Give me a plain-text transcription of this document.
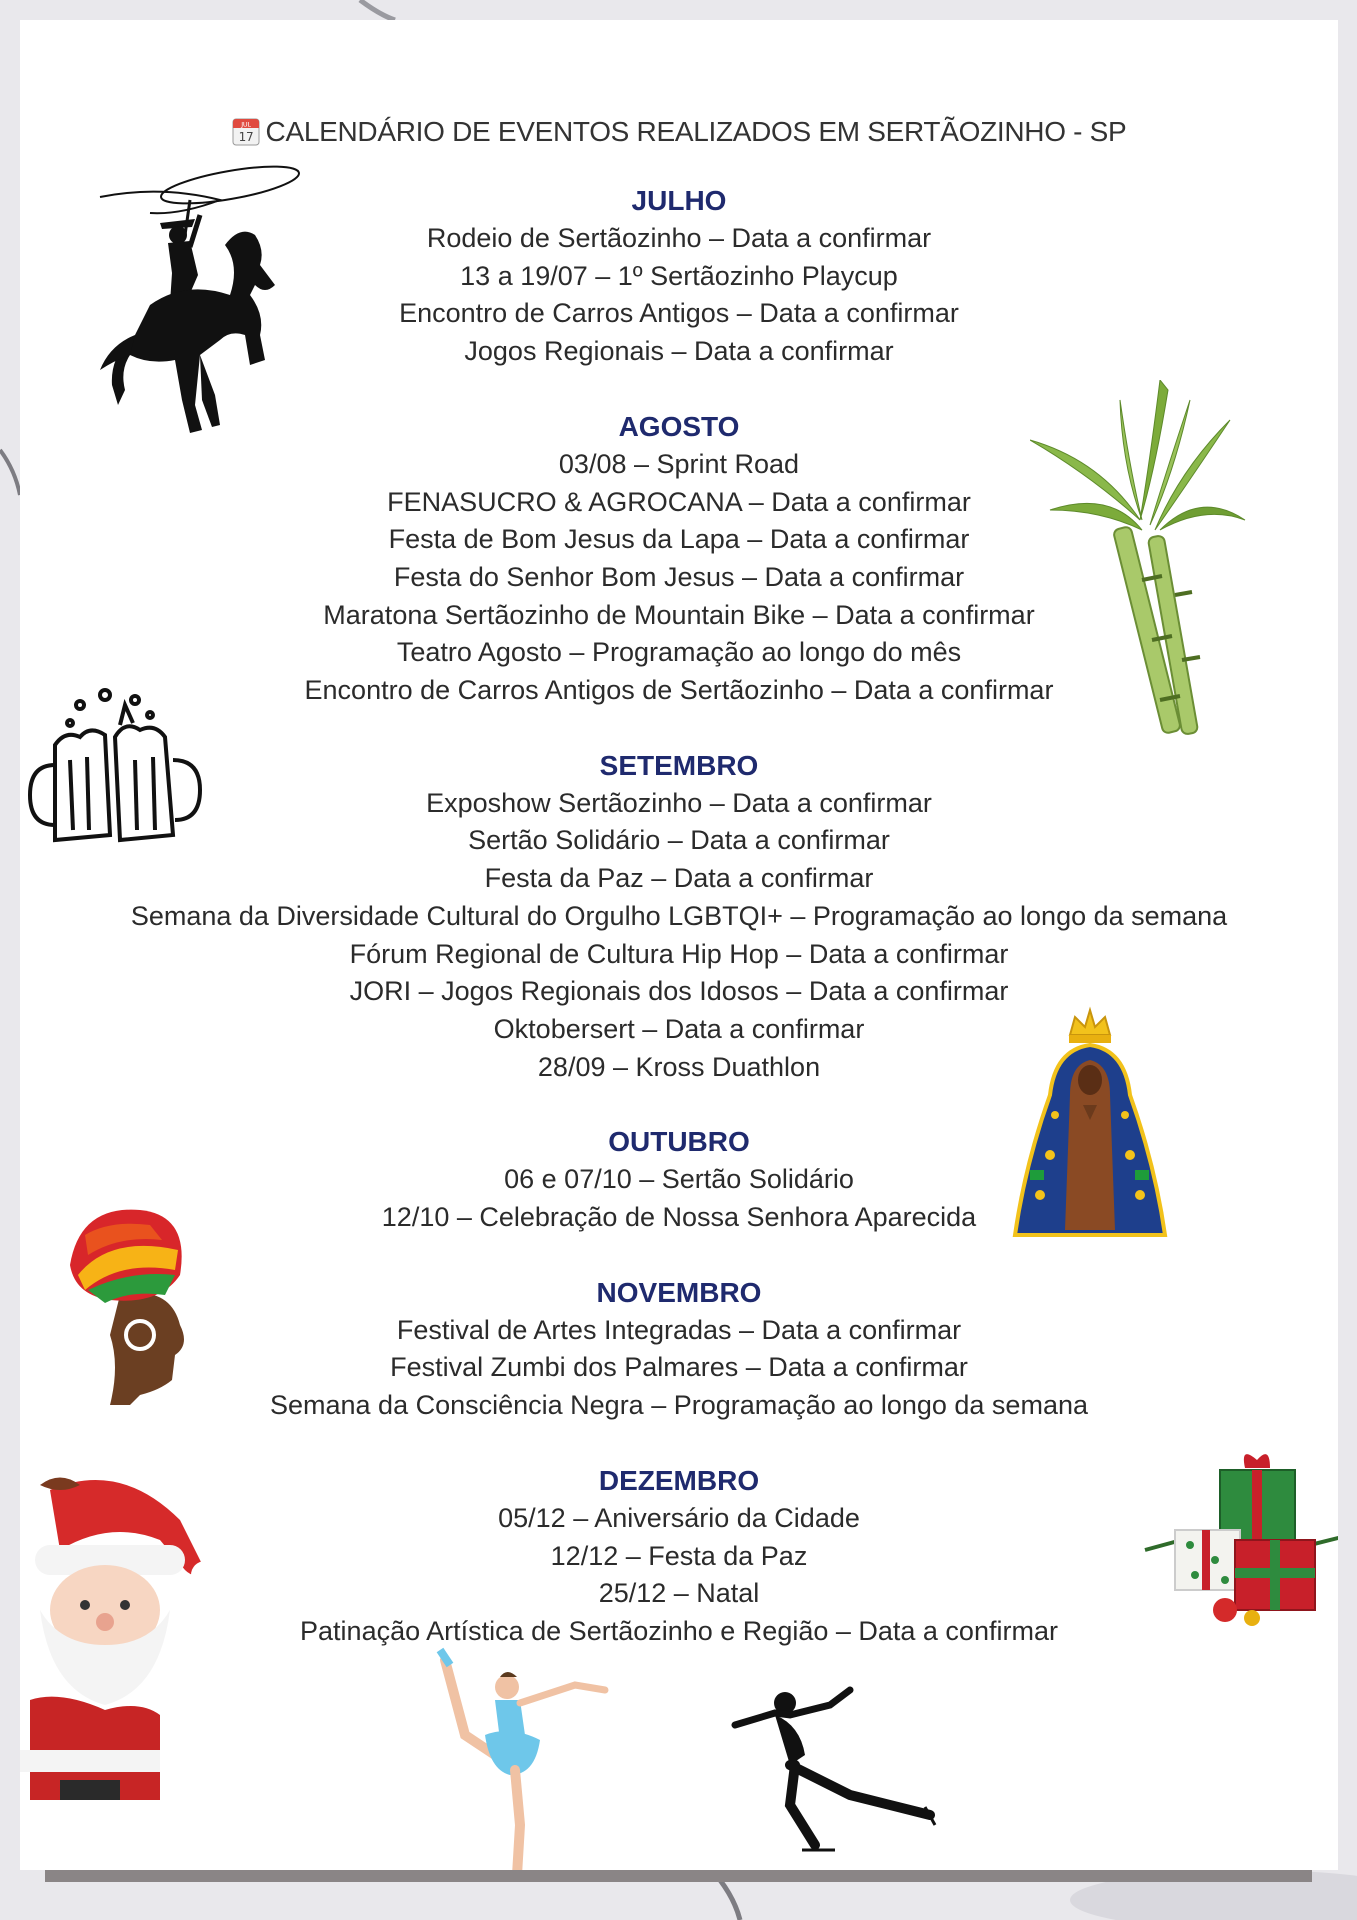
JUL
17 CALENDÁRIO DE EVENTOS REALIZADOS EM SERTÃOZINHO - SP
JULHO
Rodeio de Sertãozinho – Data a confirmar
13 a 19/07 – 1º Sertãozinho Playcup
Encontro de Carros Antigos – Data a confirmar
Jogos Regionais – Data a confirmar
AGOSTO
03/08 – Sprint Road
FENASUCRO & AGROCANA – Data a confirmar
Festa de Bom Jesus da Lapa – Data a confirmar
Festa do Senhor Bom Jesus – Data a confirmar
Maratona Sertãozinho de Mountain Bike – Data a confirmar
Teatro Agosto – Programação ao longo do mês
Encontro de Carros Antigos de Sertãozinho – Data a confirmar
SETEMBRO
Exposhow Sertãozinho – Data a confirmar
Sertão Solidário – Data a confirmar
Festa da Paz – Data a confirmar
Semana da Diversidade Cultural do Orgulho LGBTQI+ – Programação ao longo da semana
Fórum Regional de Cultura Hip Hop – Data a confirmar
JORI – Jogos Regionais dos Idosos – Data a confirmar
Oktobersert – Data a confirmar
28/09 – Kross Duathlon
OUTUBRO
06 e 07/10 – Sertão Solidário
12/10 – Celebração de Nossa Senhora Aparecida
NOVEMBRO
Festival de Artes Integradas – Data a confirmar
Festival Zumbi dos Palmares – Data a confirmar
Semana da Consciência Negra – Programação ao longo da semana
DEZEMBRO
05/12 – Aniversário da Cidade
12/12 – Festa da Paz
25/12 – Natal
Patinação Artística de Sertãozinho e Região – Data a confirmar
